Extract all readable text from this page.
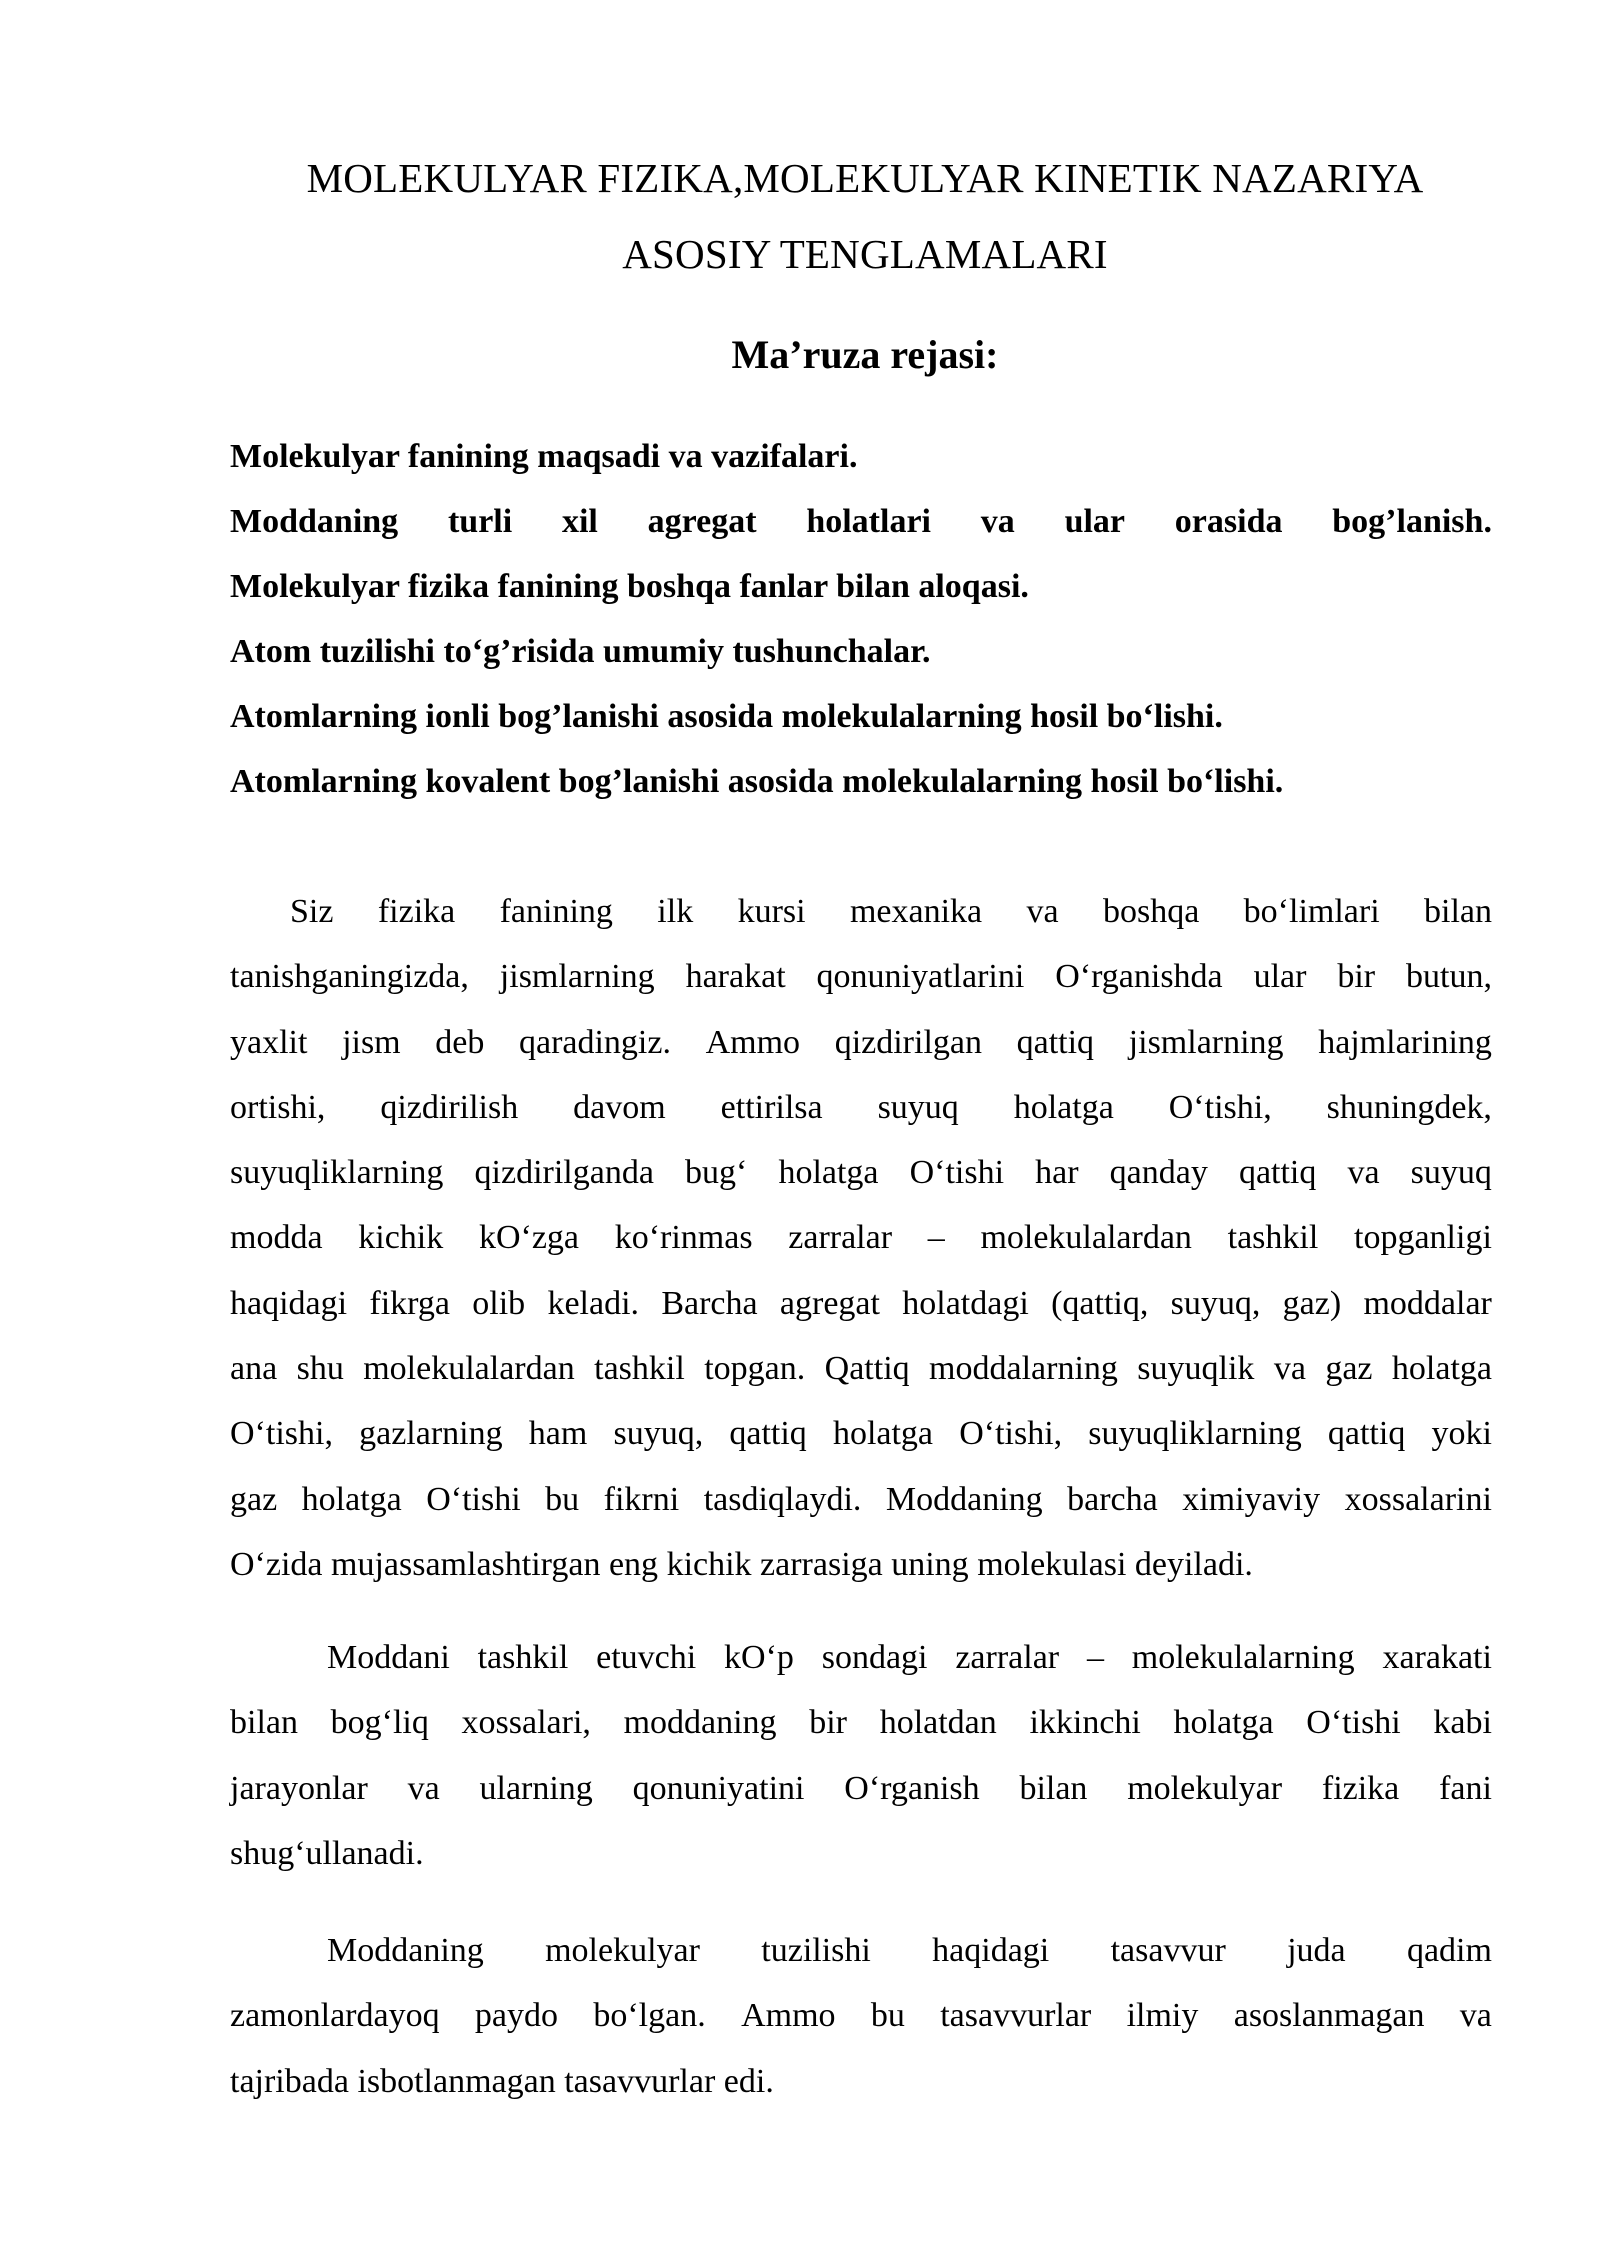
MOLEKULYAR FIZIKA,MOLEKULYAR KINETIK NAZARIYA
ASOSIY TENGLAMALARI
Ma’ruza rejasi:
Molekulyar fanining maqsadi va vazifalari.
Moddaning turli xil agregat holatlari va ular orasida bog’lanish.
Molekulyar fizika fanining boshqa fanlar bilan aloqasi.
Atom tuzilishi to‘g’risida umumiy tushunchalar.
Atomlarning ionli bog’lanishi asosida molekulalarning hosil bo‘lishi.
Atomlarning kovalent bog’lanishi asosida molekulalarning hosil bo‘lishi.
Siz fizika fanining ilk kursi mexanika va boshqa bo‘limlari bilan
tanishganingizda, jismlarning harakat qonuniyatlarini O‘rganishda ular bir butun,
yaxlit jism deb qaradingiz. Ammo qizdirilgan qattiq jismlarning hajmlarining
ortishi, qizdirilish davom ettirilsa suyuq holatga O‘tishi, shuningdek,
suyuqliklarning qizdirilganda bug‘ holatga O‘tishi har qanday qattiq va suyuq
modda kichik kO‘zga ko‘rinmas zarralar – molekulalardan tashkil topganligi
haqidagi fikrga olib keladi. Barcha agregat holatdagi (qattiq, suyuq, gaz) moddalar
ana shu molekulalardan tashkil topgan. Qattiq moddalarning suyuqlik va gaz holatga
O‘tishi, gazlarning ham suyuq, qattiq holatga O‘tishi, suyuqliklarning qattiq yoki
gaz holatga O‘tishi bu fikrni tasdiqlaydi. Moddaning barcha ximiyaviy xossalarini
O‘zida mujassamlashtirgan eng kichik zarrasiga uning molekulasi deyiladi.
Moddani tashkil etuvchi kO‘p sondagi zarralar – molekulalarning xarakati
bilan bog‘liq xossalari, moddaning bir holatdan ikkinchi holatga O‘tishi kabi
jarayonlar va ularning qonuniyatini O‘rganish bilan molekulyar fizika fani
shug‘ullanadi.
Moddaning molekulyar tuzilishi haqidagi tasavvur juda qadim
zamonlardayoq paydo bo‘lgan. Ammo bu tasavvurlar ilmiy asoslanmagan va
tajribada isbotlanmagan tasavvurlar edi.
